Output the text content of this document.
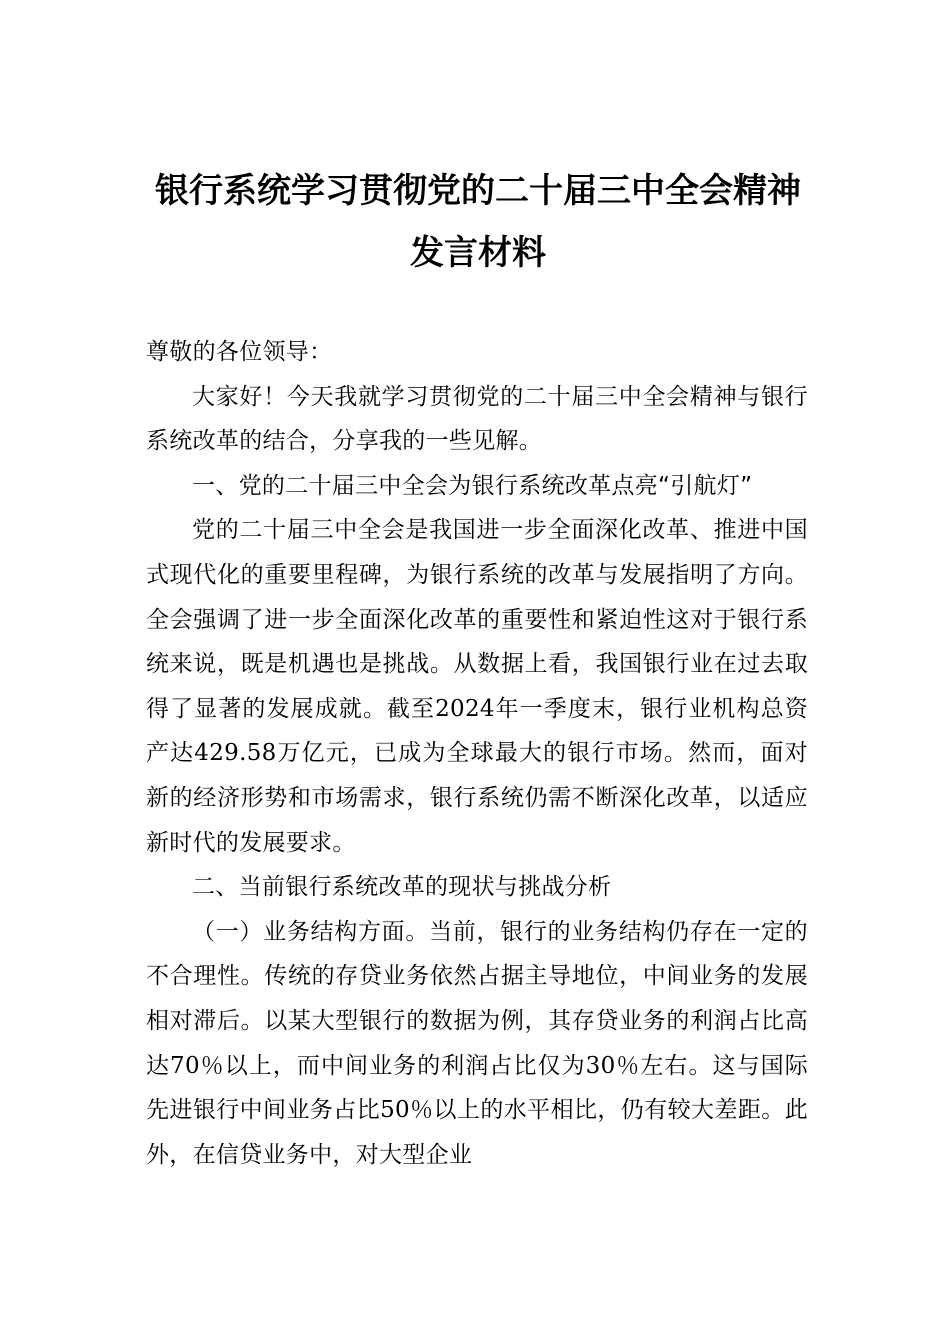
银行系统学习贯彻党的二十届三中全会精神发言材料

尊敬的各位领导：

大家好！今天我就学习贯彻党的二十届三中全会精神与银行系统改革的结合，分享我的一些见解。

一、党的二十届三中全会为银行系统改革点亮“引航灯”

党的二十届三中全会是我国进一步全面深化改革、推进中国式现代化的重要里程碑，为银行系统的改革与发展指明了方向。全会强调了进一步全面深化改革的重要性和紧迫性这对于银行系统来说，既是机遇也是挑战。从数据上看，我国银行业在过去取得了显著的发展成就。截至2024年一季度末，银行业机构总资产达429.58万亿元，已成为全球最大的银行市场。然而，面对新的经济形势和市场需求，银行系统仍需不断深化改革，以适应新时代的发展要求。

二、当前银行系统改革的现状与挑战分析

（一）业务结构方面。当前，银行的业务结构仍存在一定的不合理性。传统的存贷业务依然占据主导地位，中间业务的发展相对滞后。以某大型银行的数据为例，其存贷业务的利润占比高达70％以上，而中间业务的利润占比仅为30％左右。这与国际先进银行中间业务占比50％以上的水平相比，仍有较大差距。此外，在信贷业务中，对大型企业
